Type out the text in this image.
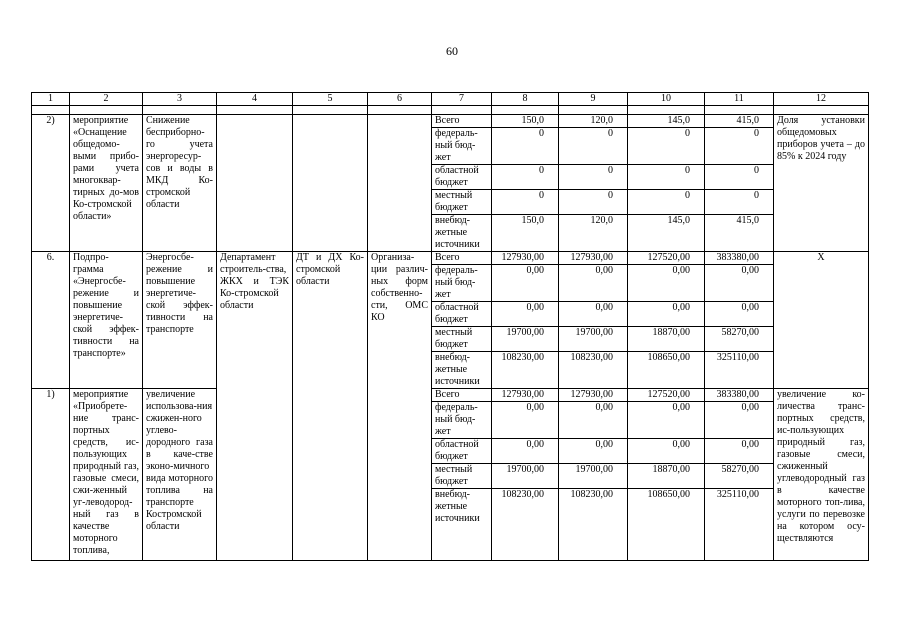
60
1	2	3	4	5	6	7	8	9	10	11	12

2)	мероприятие «Оснащение общедомо-выми прибо-рами учета многоквар-тирных до-мов Ко-стромской области»	Снижение бесприборно-го учета энергоресур-сов и воды в МКД Ко-стромской области				Всего	150,0	120,0	145,0	415,0	Доля установки общедомовых приборов учета – до 85% к 2024 году
						федераль-ный бюд-жет	0	0	0	0	
						областной бюджет	0	0	0	0	
						местный бюджет	0	0	0	0	
						внебюд-жетные источники	150,0	120,0	145,0	415,0	
6.	Подпро-грамма «Энергосбе-режение и повышение энергетиче-ской эффек-тивности на транспорте»	Энергосбе-режение и повышение энергетиче-ской эффек-тивности на транспорте	Департамент строитель-ства, ЖКХ и ТЭК Ко-стромской области	ДТ и ДХ Ко-стромской области	Организа-ции различ-ных форм собственно-сти, ОМС КО	Всего	127930,00	127930,00	127520,00	383380,00	Х
						федераль-ный бюд-жет	0,00	0,00	0,00	0,00	
						областной бюджет	0,00	0,00	0,00	0,00	
						местный бюджет	19700,00	19700,00	18870,00	58270,00	
						внебюд-жетные источники	108230,00	108230,00	108650,00	325110,00	
1)	мероприятие «Приобрете-ние транс-портных средств, ис-пользующих природный газ, газовые смеси, сжи-женный уг-леводород-ный газ в качестве моторного топлива,	увеличение использова-ния сжижен-ного углево-дородного газа в каче-стве эконо-мичного вида моторного топлива на транспорте Костромской области				Всего	127930,00	127930,00	127520,00	383380,00	увеличение ко-личества транс-портных средств, ис-пользующих природный газ, газовые смеси, сжиженный углеводородный газ в качестве моторного топ-лива, услуги по перевозке на котором осу-ществляются
						федераль-ный бюд-жет	0,00	0,00	0,00	0,00	
						областной бюджет	0,00	0,00	0,00	0,00	
						местный бюджет	19700,00	19700,00	18870,00	58270,00	
						внебюд-жетные источники	108230,00	108230,00	108650,00	325110,00	
